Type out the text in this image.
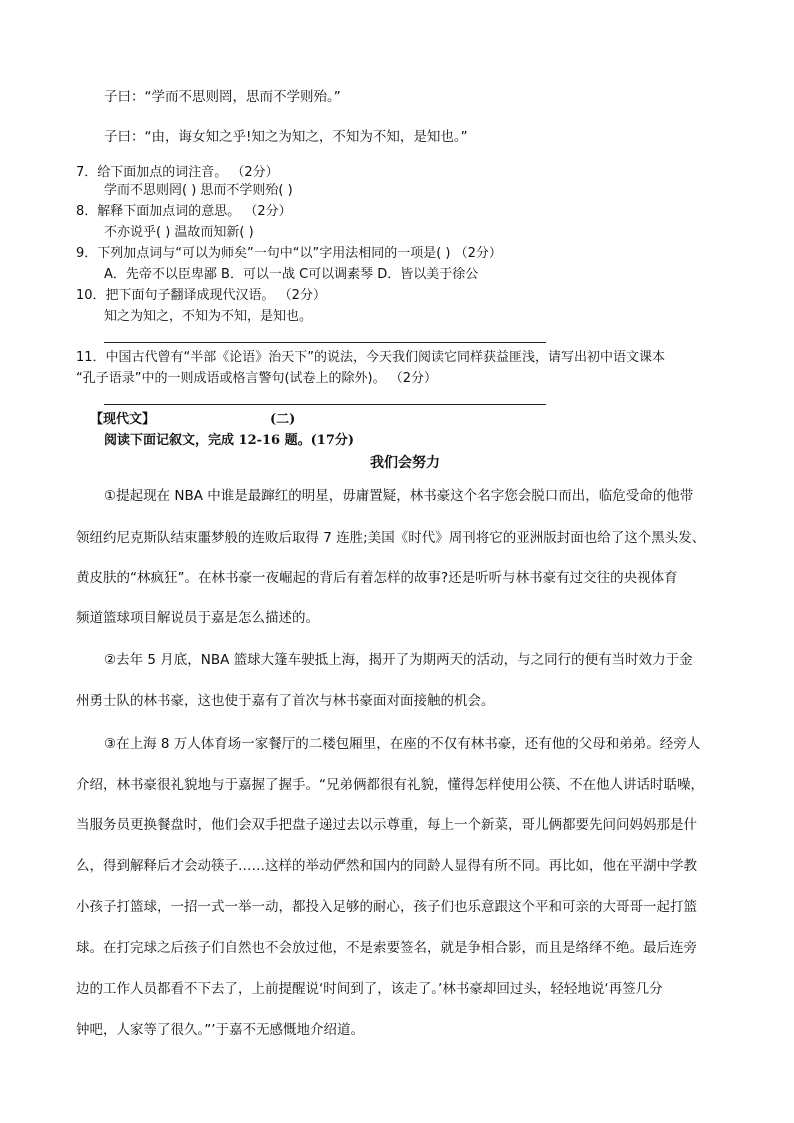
子曰：“学而不思则罔，思而不学则殆。”
子曰：“由，诲女知之乎!知之为知之，不知为不知，是知也。”
7．给下面加点的词注音。 （2分）
学而不思则罔( ) 思而不学则殆( )
8．解释下面加点词的意思。 （2分）
不亦说乎( ) 温故而知新( )
9．下列加点词与“可以为师矣”一句中“以”字用法相同的一项是( ) （2分）
A．先帝不以臣卑鄙 B．可以一战 C可以调素琴 D．皆以美于徐公
10．把下面句子翻译成现代汉语。 （2分）
知之为知之，不知为不知，是知也。
11．中国古代曾有“半部《论语》治天下”的说法，今天我们阅读它同样获益匪浅，请写出初中语文课本
“孔子语录”中的一则成语或格言警句(试卷上的除外)。 （2分）
【现代文】	(二)
阅读下面记叙文，完成 12-16 题。(17分)
我们会努力
①提起现在 NBA 中谁是最蹿红的明星，毋庸置疑，林书豪这个名字您会脱口而出，临危受命的他带
领纽约尼克斯队结束噩梦般的连败后取得 7 连胜;美国《时代》周刊将它的亚洲版封面也给了这个黑头发、
黄皮肤的“林疯狂”。在林书豪一夜崛起的背后有着怎样的故事?还是听听与林书豪有过交往的央视体育
频道篮球项目解说员于嘉是怎么描述的。
②去年 5 月底，NBA 篮球大篷车驶抵上海，揭开了为期两天的活动，与之同行的便有当时效力于金
州勇士队的林书豪，这也使于嘉有了首次与林书豪面对面接触的机会。
③在上海 8 万人体育场一家餐厅的二楼包厢里，在座的不仅有林书豪，还有他的父母和弟弟。经旁人
介绍，林书豪很礼貌地与于嘉握了握手。“兄弟俩都很有礼貌，懂得怎样使用公筷、不在他人讲话时聒噪，
当服务员更换餐盘时，他们会双手把盘子递过去以示尊重，每上一个新菜，哥儿俩都要先问问妈妈那是什
么，得到解释后才会动筷子……这样的举动俨然和国内的同龄人显得有所不同。再比如，他在平湖中学教
小孩子打篮球，一招一式一举一动，都投入足够的耐心，孩子们也乐意跟这个平和可亲的大哥哥一起打篮
球。在打完球之后孩子们自然也不会放过他，不是索要签名，就是争相合影，而且是络绎不绝。最后连旁
边的工作人员都看不下去了，上前提醒说‘时间到了，该走了。’林书豪却回过头，轻轻地说‘再签几分
钟吧，人家等了很久。”’于嘉不无感慨地介绍道。
